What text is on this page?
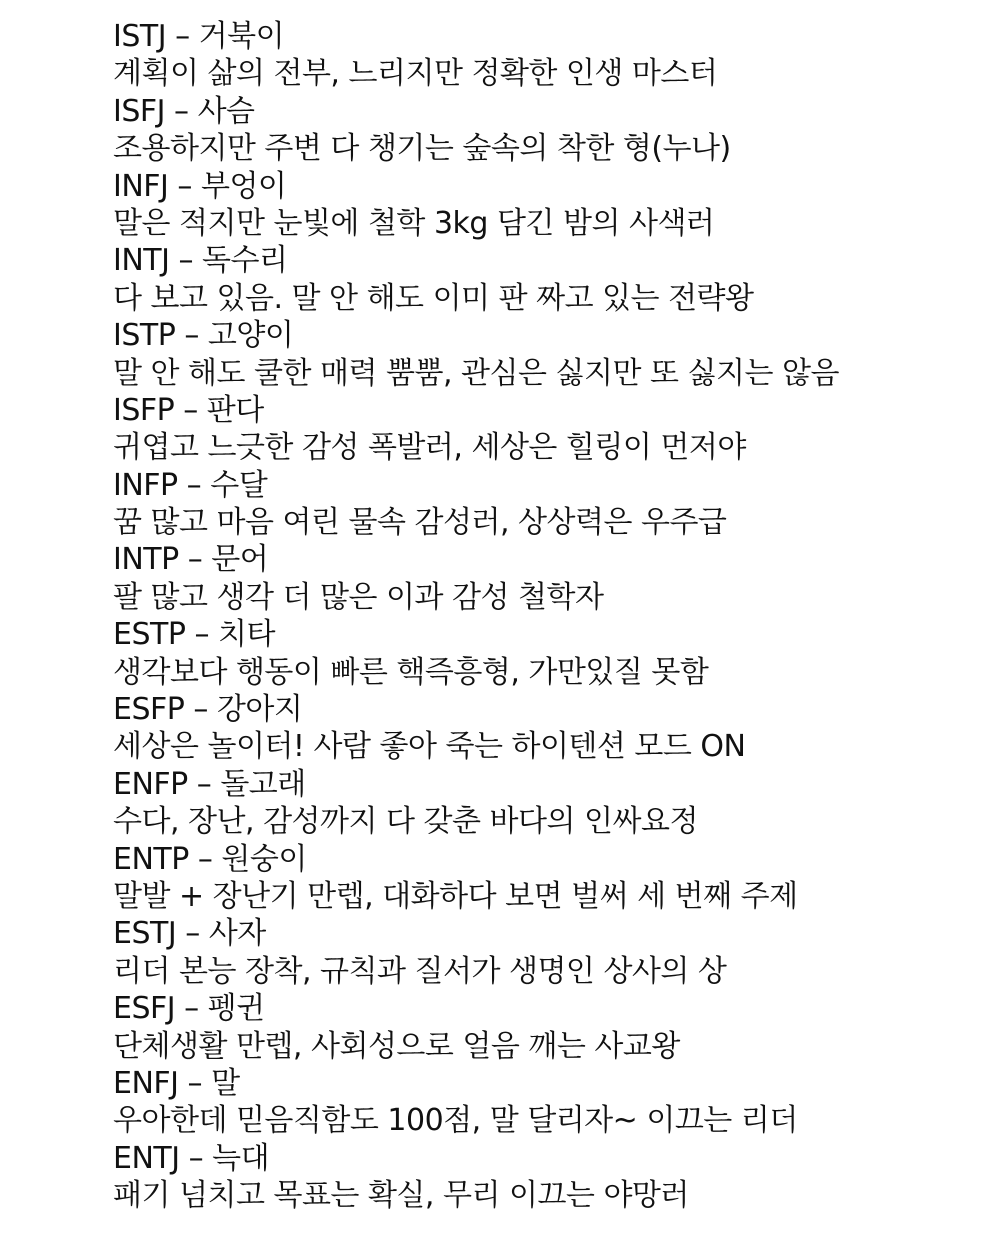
ISTJ – 거북이
계획이 삶의 전부, 느리지만 정확한 인생 마스터
ISFJ – 사슴
조용하지만 주변 다 챙기는 숲속의 착한 형(누나)
INFJ – 부엉이
말은 적지만 눈빛에 철학 3kg 담긴 밤의 사색러
INTJ – 독수리
다 보고 있음. 말 안 해도 이미 판 짜고 있는 전략왕
ISTP – 고양이
말 안 해도 쿨한 매력 뿜뿜, 관심은 싫지만 또 싫지는 않음
ISFP – 판다
귀엽고 느긋한 감성 폭발러, 세상은 힐링이 먼저야
INFP – 수달
꿈 많고 마음 여린 물속 감성러, 상상력은 우주급
INTP – 문어
팔 많고 생각 더 많은 이과 감성 철학자
ESTP – 치타
생각보다 행동이 빠른 핵즉흥형, 가만있질 못함
ESFP – 강아지
세상은 놀이터! 사람 좋아 죽는 하이텐션 모드 ON
ENFP – 돌고래
수다, 장난, 감성까지 다 갖춘 바다의 인싸요정
ENTP – 원숭이
말발 + 장난기 만렙, 대화하다 보면 벌써 세 번째 주제
ESTJ – 사자
리더 본능 장착, 규칙과 질서가 생명인 상사의 상
ESFJ – 펭귄
단체생활 만렙, 사회성으로 얼음 깨는 사교왕
ENFJ – 말
우아한데 믿음직함도 100점, 말 달리자~ 이끄는 리더
ENTJ – 늑대
패기 넘치고 목표는 확실, 무리 이끄는 야망러
